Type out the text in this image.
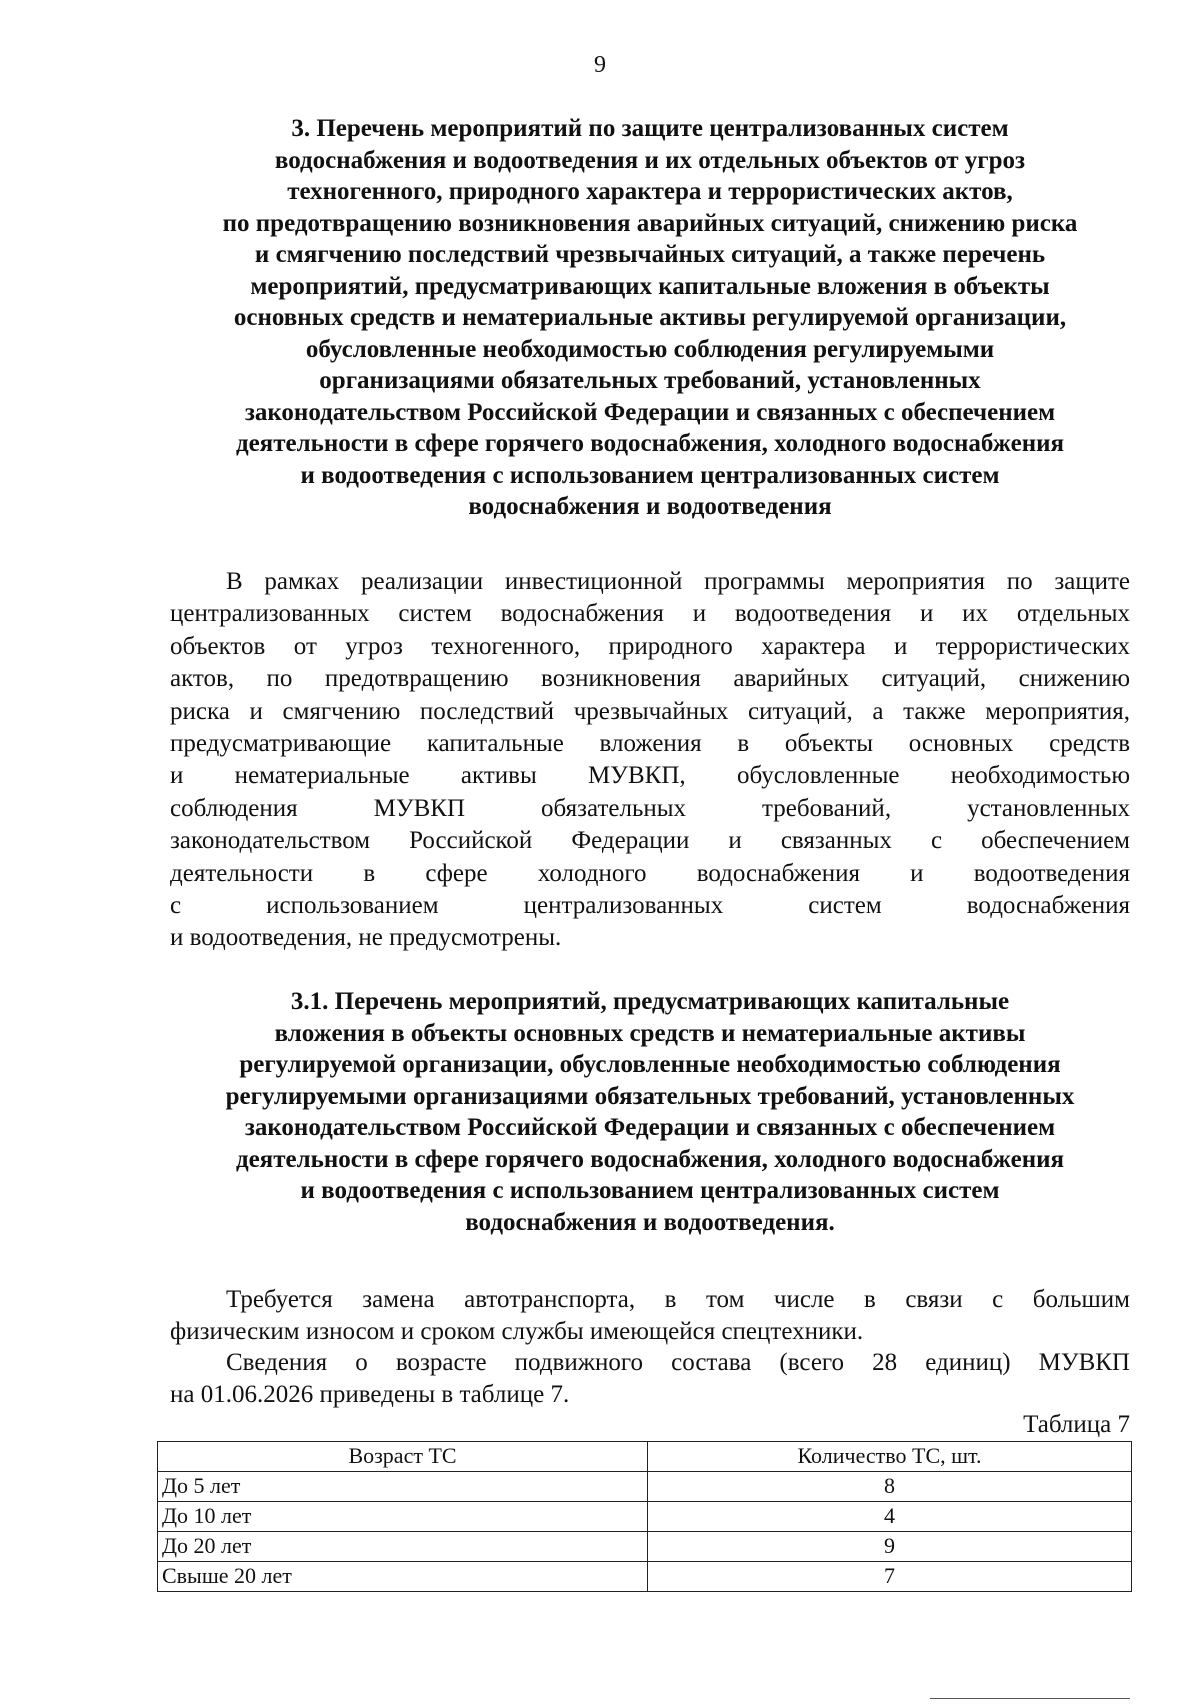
9
3. Перечень мероприятий по защите централизованных систем
водоснабжения и водоотведения и их отдельных объектов от угроз
техногенного, природного характера и террористических актов,
по предотвращению возникновения аварийных ситуаций, снижению риска
и смягчению последствий чрезвычайных ситуаций, а также перечень
мероприятий, предусматривающих капитальные вложения в объекты
основных средств и нематериальные активы регулируемой организации,
обусловленные необходимостью соблюдения регулируемыми
организациями обязательных требований, установленных
законодательством Российской Федерации и связанных с обеспечением
деятельности в сфере горячего водоснабжения, холодного водоснабжения
и водоотведения с использованием централизованных систем
водоснабжения и водоотведения

В рамках реализации инвестиционной программы мероприятия по защите
централизованных систем водоснабжения и водоотведения и их отдельных
объектов от угроз техногенного, природного характера и террористических
актов, по предотвращению возникновения аварийных ситуаций, снижению
риска и смягчению последствий чрезвычайных ситуаций, а также мероприятия,
предусматривающие капитальные вложения в объекты основных средств
и нематериальные активы МУВКП, обусловленные необходимостью
соблюдения МУВКП обязательных требований, установленных
законодательством Российской Федерации и связанных с обеспечением
деятельности в сфере холодного водоснабжения и водоотведения
с использованием централизованных систем водоснабжения
и водоотведения, не предусмотрены.

3.1. Перечень мероприятий, предусматривающих капитальные
вложения в объекты основных средств и нематериальные активы
регулируемой организации, обусловленные необходимостью соблюдения
регулируемыми организациями обязательных требований, установленных
законодательством Российской Федерации и связанных с обеспечением
деятельности в сфере горячего водоснабжения, холодного водоснабжения
и водоотведения с использованием централизованных систем
водоснабжения и водоотведения.

Требуется замена автотранспорта, в том числе в связи с большим
физическим износом и сроком службы имеющейся спецтехники.

Сведения о возрасте подвижного состава (всего 28 единиц) МУВКП
на 01.06.2026 приведены в таблице 7.

Таблица 7
Возраст ТС	Количество ТС, шт.
До 5 лет	8
До 10 лет	4
До 20 лет	9
Свыше 20 лет	7
